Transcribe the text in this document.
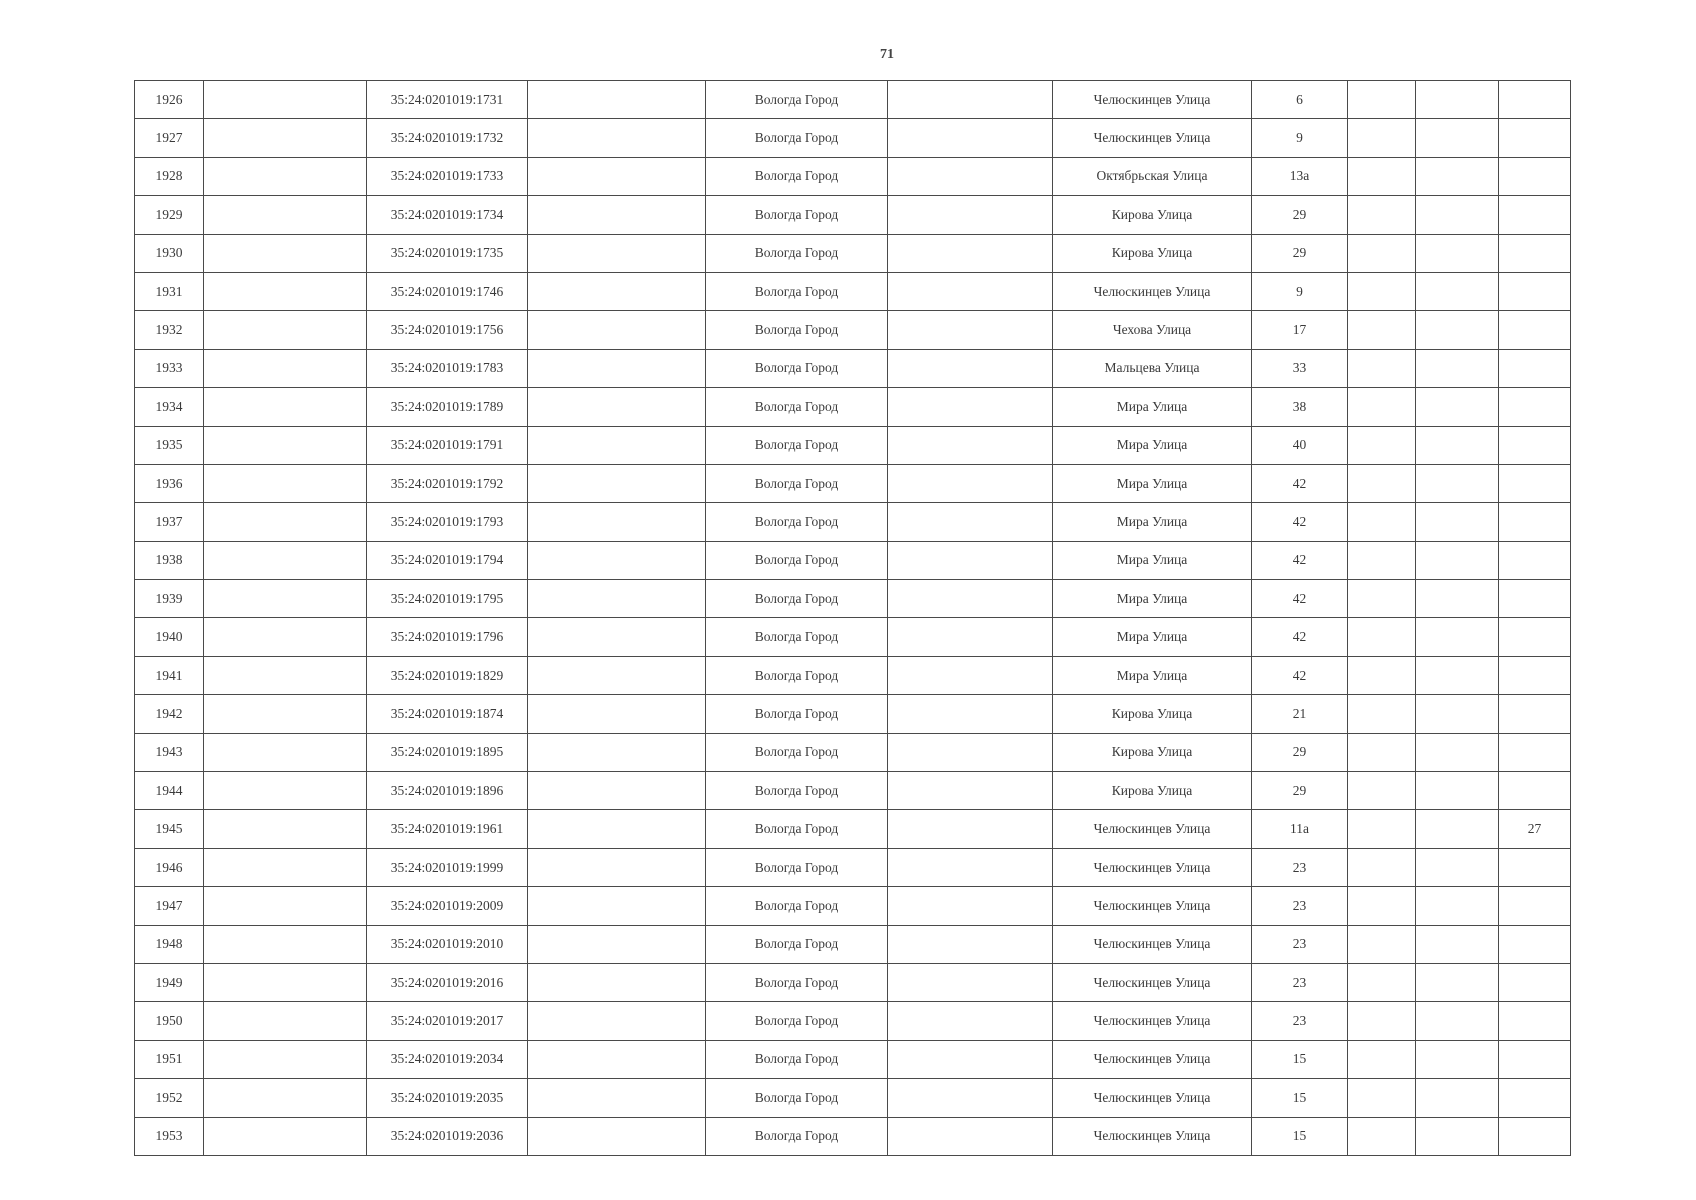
71
1926		35:24:0201019:1731		Вологда Город		Челюскинцев Улица	6			
1927		35:24:0201019:1732		Вологда Город		Челюскинцев Улица	9			
1928		35:24:0201019:1733		Вологда Город		Октябрьская Улица	13а			
1929		35:24:0201019:1734		Вологда Город		Кирова Улица	29			
1930		35:24:0201019:1735		Вологда Город		Кирова Улица	29			
1931		35:24:0201019:1746		Вологда Город		Челюскинцев Улица	9			
1932		35:24:0201019:1756		Вологда Город		Чехова Улица	17			
1933		35:24:0201019:1783		Вологда Город		Мальцева Улица	33			
1934		35:24:0201019:1789		Вологда Город		Мира Улица	38			
1935		35:24:0201019:1791		Вологда Город		Мира Улица	40			
1936		35:24:0201019:1792		Вологда Город		Мира Улица	42			
1937		35:24:0201019:1793		Вологда Город		Мира Улица	42			
1938		35:24:0201019:1794		Вологда Город		Мира Улица	42			
1939		35:24:0201019:1795		Вологда Город		Мира Улица	42			
1940		35:24:0201019:1796		Вологда Город		Мира Улица	42			
1941		35:24:0201019:1829		Вологда Город		Мира Улица	42			
1942		35:24:0201019:1874		Вологда Город		Кирова Улица	21			
1943		35:24:0201019:1895		Вологда Город		Кирова Улица	29			
1944		35:24:0201019:1896		Вологда Город		Кирова Улица	29			
1945		35:24:0201019:1961		Вологда Город		Челюскинцев Улица	11а			27
1946		35:24:0201019:1999		Вологда Город		Челюскинцев Улица	23			
1947		35:24:0201019:2009		Вологда Город		Челюскинцев Улица	23			
1948		35:24:0201019:2010		Вологда Город		Челюскинцев Улица	23			
1949		35:24:0201019:2016		Вологда Город		Челюскинцев Улица	23			
1950		35:24:0201019:2017		Вологда Город		Челюскинцев Улица	23			
1951		35:24:0201019:2034		Вологда Город		Челюскинцев Улица	15			
1952		35:24:0201019:2035		Вологда Город		Челюскинцев Улица	15			
1953		35:24:0201019:2036		Вологда Город		Челюскинцев Улица	15			
